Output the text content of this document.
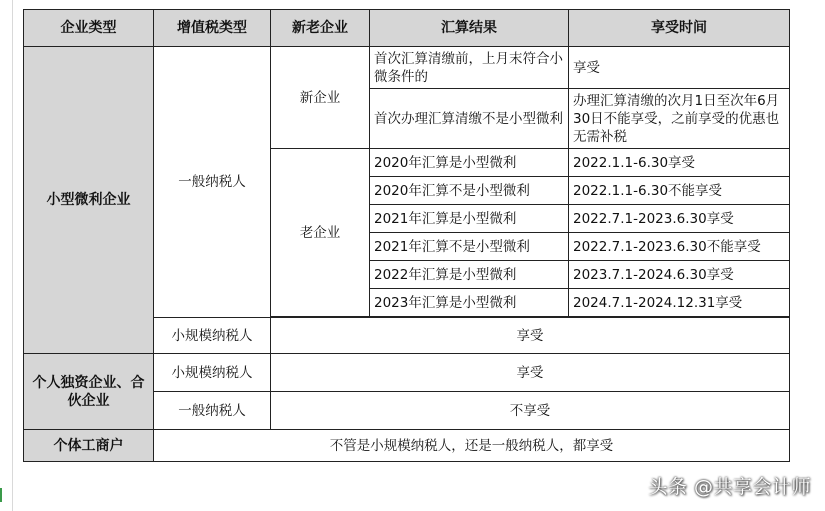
企业类型	增值税类型	新老企业	汇算结果	享受时间
小型微利企业	一般纳税人	新企业	首次汇算清缴前，上月末符合小微条件的	享受
			首次办理汇算清缴不是小型微利	办理汇算清缴的次月1日至次年6月30日不能享受，之前享受的优惠也无需补税
		老企业	2020年汇算是小型微利	2022.1.1-6.30享受
			2020年汇算不是小型微利	2022.1.1-6.30不能享受
			2021年汇算是小型微利	2022.7.1-2023.6.30享受
			2021年汇算不是小型微利	2022.7.1-2023.6.30不能享受
			2022年汇算是小型微利	2023.7.1-2024.6.30享受
			2023年汇算是小型微利	2024.7.1-2024.12.31享受

	小规模纳税人	享受		
个人独资企业、合伙企业	小规模纳税人	享受		
	一般纳税人	不享受		
个体工商户	不管是小规模纳税人，还是一般纳税人，都享受			
头条 @共享会计师
